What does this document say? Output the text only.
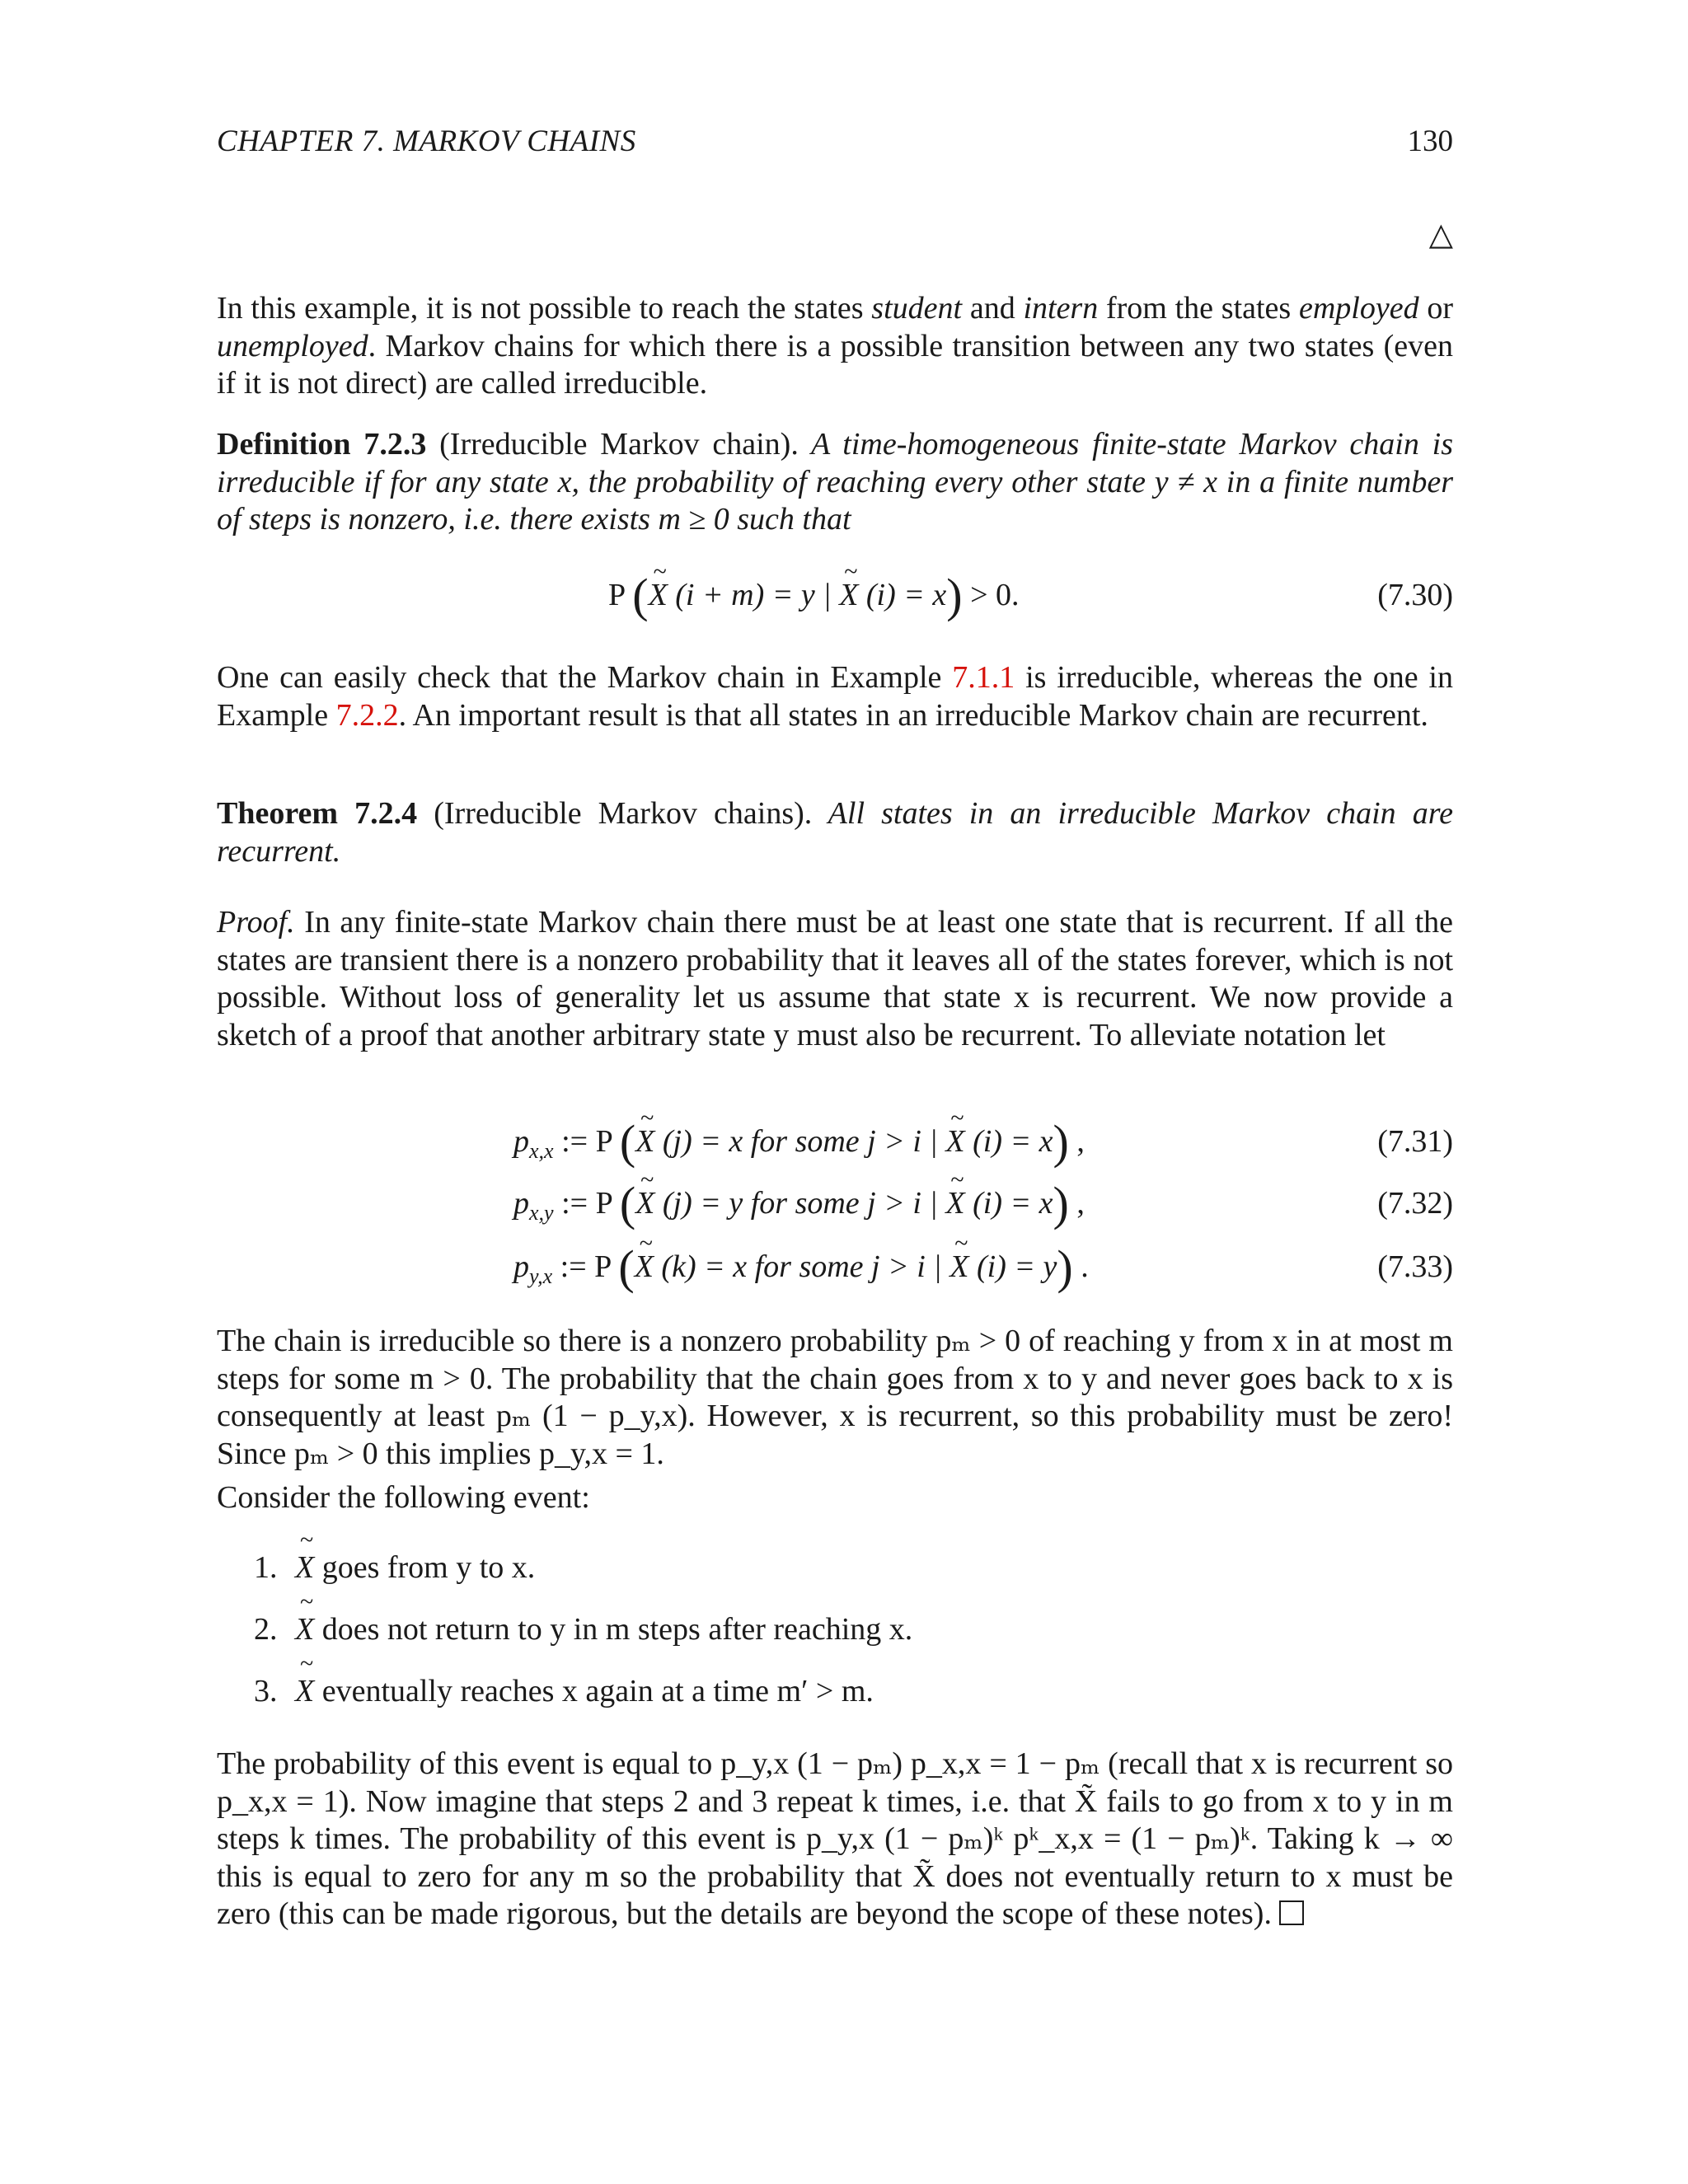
CHAPTER 7. MARKOV CHAINS	130
△

In this example, it is not possible to reach the states student and intern from the states employed or unemployed. Markov chains for which there is a possible transition between any two states (even if it is not direct) are called irreducible.

Definition 7.2.3 (Irreducible Markov chain). A time-homogeneous finite-state Markov chain is irreducible if for any state x, the probability of reaching every other state y ≠ x in a finite number of steps is nonzero, i.e. there exists m ≥ 0 such that

P (~ X (i + m) = y | ~ X (i) = x) > 0.	(7.30)

One can easily check that the Markov chain in Example 7.1.1 is irreducible, whereas the one in Example 7.2.2. An important result is that all states in an irreducible Markov chain are recurrent.

Theorem 7.2.4 (Irreducible Markov chains). All states in an irreducible Markov chain are recurrent.

Proof. In any finite-state Markov chain there must be at least one state that is recurrent. If all the states are transient there is a nonzero probability that it leaves all of the states forever, which is not possible. Without loss of generality let us assume that state x is recurrent. We now provide a sketch of a proof that another arbitrary state y must also be recurrent. To alleviate notation let

$p_{x,x}$ := P (~ X (j) = x for some j > i | ~ X (i) = x) ,	(7.31)
$p_{x,y}$ := P (~ X (j) = y for some j > i | ~ X (i) = x) ,	(7.32)
$p_{y,x}$ := P (~ X (k) = x for some j > i | ~ X (i) = y) .	(7.33)

The chain is irreducible so there is a nonzero probability pₘ > 0 of reaching y from x in at most m steps for some m > 0. The probability that the chain goes from x to y and never goes back to x is consequently at least pₘ (1 − p_y,x). However, x is recurrent, so this probability must be zero! Since pₘ > 0 this implies p_y,x = 1.

Consider the following event:

1. ~ X goes from y to x.
2. ~ X does not return to y in m steps after reaching x.
3. ~ X eventually reaches x again at a time m′ > m.

The probability of this event is equal to p_y,x (1 − pₘ) p_x,x = 1 − pₘ (recall that x is recurrent so p_x,x = 1). Now imagine that steps 2 and 3 repeat k times, i.e. that X̃ fails to go from x to y in m steps k times. The probability of this event is p_y,x (1 − pₘ)ᵏ pᵏ_x,x = (1 − pₘ)ᵏ. Taking k → ∞ this is equal to zero for any m so the probability that X̃ does not eventually return to x must be zero (this can be made rigorous, but the details are beyond the scope of these notes).
